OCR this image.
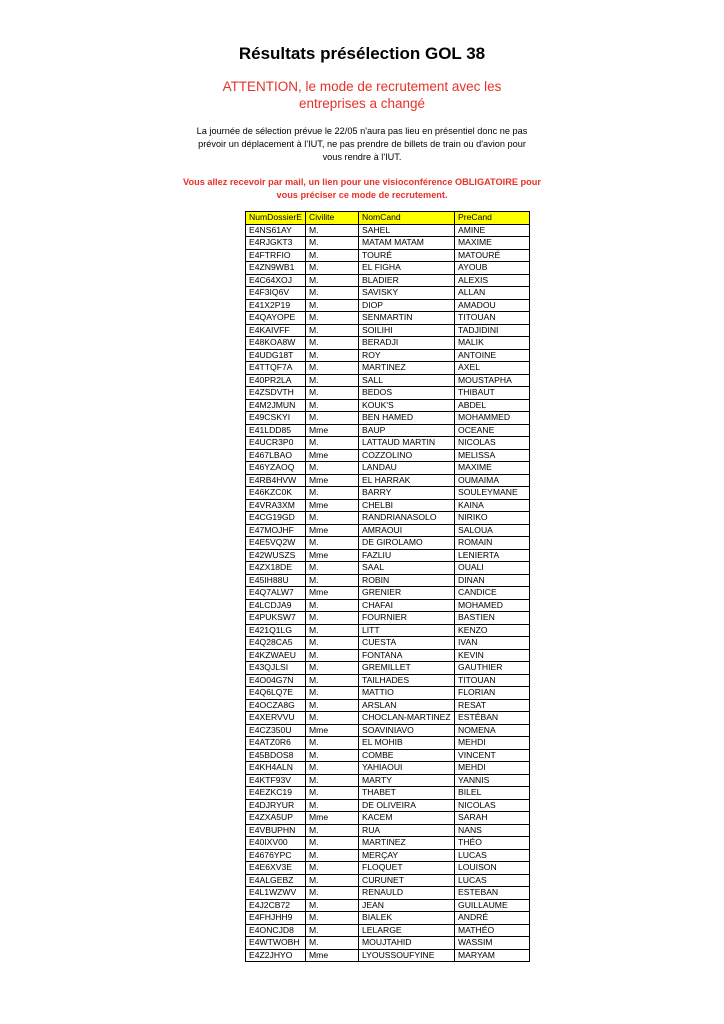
Résultats présélection GOL 38
ATTENTION, le mode de recrutement avec les
entreprises a changé
La journée de sélection prévue le 22/05 n'aura pas lieu en présentiel donc ne pas
prévoir un déplacement à l'IUT, ne pas prendre de billets de train ou d'avion pour
vous rendre à l'IUT.
Vous allez recevoir par mail, un lien pour une visioconférence OBLIGATOIRE pour
vous préciser ce mode de recrutement.
NumDossierE	Civilite	NomCand	PreCand
E4NS61AY	M.	SAHEL	AMINE
E4RJGKT3	M.	MATAM MATAM	MAXIME
E4FTRFIO	M.	TOURÉ	MATOURÉ
E4ZN9WB1	M.	EL FIGHA	AYOUB
E4C64XOJ	M.	BLADIER	ALEXIS
E4F3IQ6V	M.	SAVISKY	ALLAN
E41X2P19	M.	DIOP	AMADOU
E4QAYOPE	M.	SENMARTIN	TITOUAN
E4KAIVFF	M.	SOILIHI	TADJIDINI
E48KOA8W	M.	BERADJI	MALIK
E4UDG18T	M.	ROY	ANTOINE
E4TTQF7A	M.	MARTINEZ	AXEL
E40PR2LA	M.	SALL	MOUSTAPHA
E4ZSDVTH	M.	BEDOS	THIBAUT
E4M2JMUN	M.	KOUK'S	ABDEL
E49CSKYI	M.	BEN HAMED	MOHAMMED
E41LDD85	Mme	BAUP	OCEANE
E4UCR3P0	M.	LATTAUD MARTIN	NICOLAS
E467LBAO	Mme	COZZOLINO	MELISSA
E46YZAOQ	M.	LANDAU	MAXIME
E4RB4HVW	Mme	EL HARRAK	OUMAIMA
E46KZC0K	M.	BARRY	SOULEYMANE
E4VRA3XM	Mme	CHELBI	KAINA
E4CG19GD	M.	RANDRIANASOLO	NIRIKO
E47MOJHF	Mme	AMRAOUI	SALOUA
E4E5VQ2W	M.	DE GIROLAMO	ROMAIN
E42WUSZS	Mme	FAZLIU	LENIERTA
E4ZX18DE	M.	SAAL	OUALI
E45IH88U	M.	ROBIN	DINAN
E4Q7ALW7	Mme	GRENIER	CANDICE
E4LCDJA9	M.	CHAFAI	MOHAMED
E4PUKSW7	M.	FOURNIER	BASTIEN
E421Q1LG	M.	LITT	KENZO
E4Q28CA5	M.	CUESTA	IVAN
E4KZWAEU	M.	FONTANA	KEVIN
E43QJLSI	M.	GREMILLET	GAUTHIER
E4O04G7N	M.	TAILHADES	TITOUAN
E4Q6LQ7E	M.	MATTIO	FLORIAN
E4OCZA8G	M.	ARSLAN	RESAT
E4XERVVU	M.	CHOCLAN-MARTINEZ	ESTÉBAN
E4CZ350U	Mme	SOAVINIAVO	NOMENA
E4ATZ0R6	M.	EL MOHIB	MEHDI
E45BDOS8	M.	COMBE	VINCENT
E4KH4ALN	M.	YAHIAOUI	MEHDI
E4KTF93V	M.	MARTY	YANNIS
E4EZKC19	M.	THABET	BILEL
E4DJRYUR	M.	DE OLIVEIRA	NICOLAS
E4ZXA5UP	Mme	KACEM	SARAH
E4VBUPHN	M.	RUA	NANS
E40IXV00	M.	MARTINEZ	THÉO
E4676YPC	M.	MERÇAY	LUCAS
E4E6XV3E	M.	FLOQUET	LOUISON
E4ALGEBZ	M.	CURUNET	LUCAS
E4L1WZWV	M.	RENAULD	ESTEBAN
E4J2CB72	M.	JEAN	GUILLAUME
E4FHJHH9	M.	BIALEK	ANDRÉ
E4ONCJD8	M.	LELARGE	MATHÉO
E4WTWOBH	M.	MOUJTAHID	WASSIM
E4Z2JHYO	Mme	LYOUSSOUFYINE	MARYAM
